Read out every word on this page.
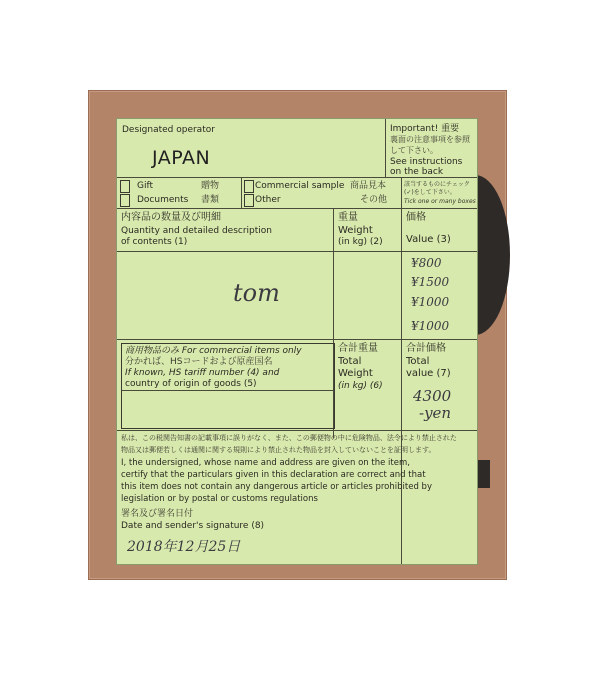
Designated operator
JAPAN
Important! 重要
裏面の注意事項を参照
して下さい。
See instructions
on the back
Gift	贈物
Documents 書類
Commercial sample 商品見本
Other	その他
該当するものにチェック
(✓)をして下さい。
Tick one or many boxes
内容品の数量及び明細
Quantity and detailed description
of contents (1)
重量
Weight
(in kg) (2)
価格
Value (3)
tom
¥800
¥1500
¥1000
¥1000
商用物品のみ For commercial items only
分かれば、HSコードおよび原産国名
If known, HS tariff number (4) and
country of origin of goods (5)
合計重量
Total
Weight
(in kg) (6)
合計価格
Total
value (7)
4300
-yen
私は、この税関告知書の記載事項に誤りがなく、また、この郵便物の中に危険物品、法令により禁止された
物品又は郵便若しくは通関に関する規則により禁止された物品を封入していないことを証明します。
I, the undersigned, whose name and address are given on the item,
certify that the particulars given in this declaration are correct and that
this item does not contain any dangerous article or articles prohibited by
legislation or by postal or customs regulations
署名及び署名日付
Date and sender's signature (8)
2018年12月25日
